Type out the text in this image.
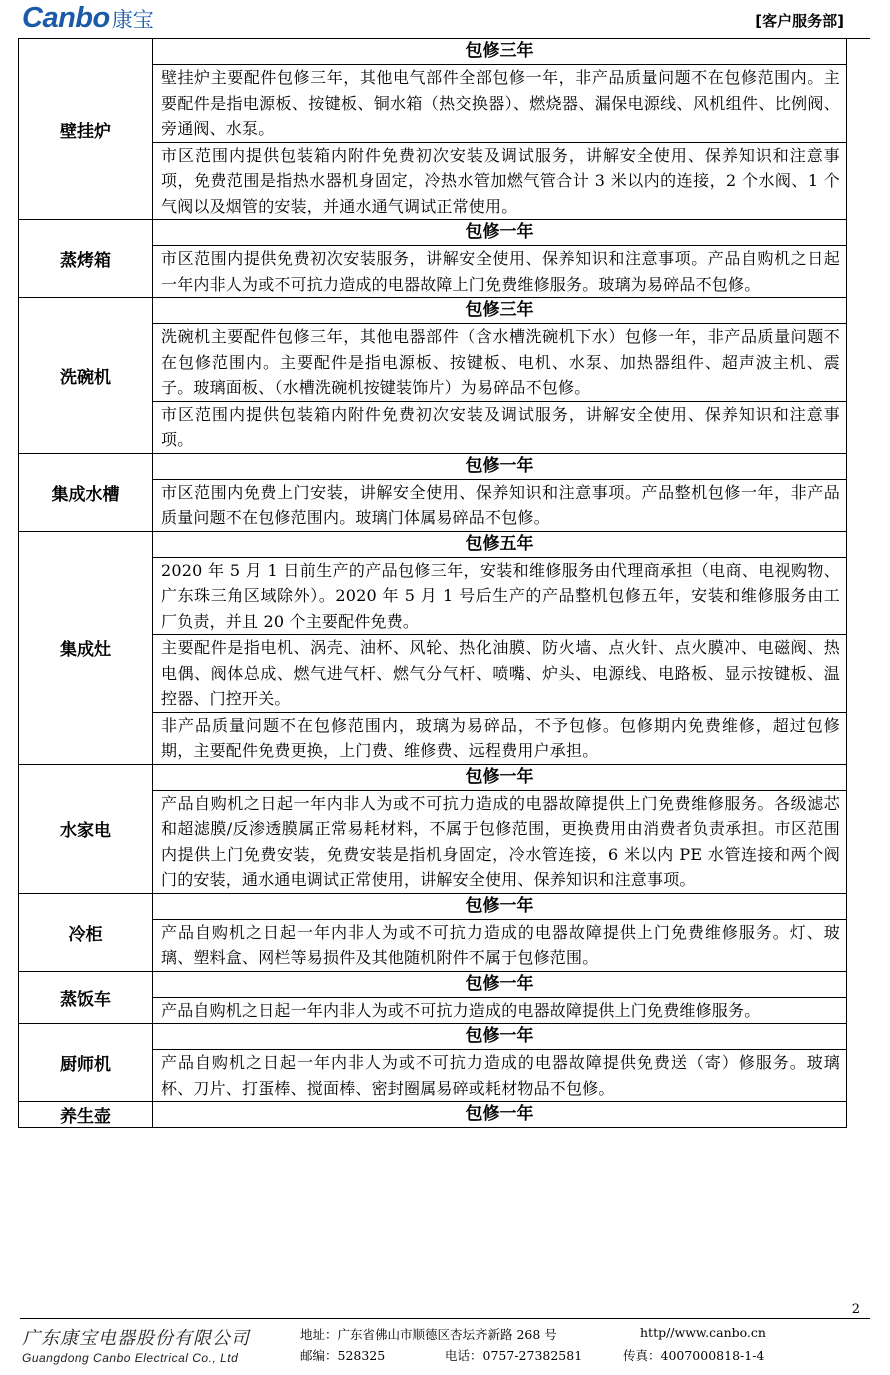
Canbo康宝	[客户服务部]
壁挂炉	包修三年
	壁挂炉主要配件包修三年，其他电气部件全部包修一年，非产品质量问题不在包修范围内。主要配件是指电源板、按键板、铜水箱（热交换器）、燃烧器、漏保电源线、风机组件、比例阀、旁通阀、水泵。
	市区范围内提供包装箱内附件免费初次安装及调试服务，讲解安全使用、保养知识和注意事项，免费范围是指热水器机身固定，冷热水管加燃气管合计 3 米以内的连接，2 个水阀、1 个气阀以及烟管的安装，并通水通气调试正常使用。
蒸烤箱	包修一年
	市区范围内提供免费初次安装服务，讲解安全使用、保养知识和注意事项。产品自购机之日起一年内非人为或不可抗力造成的电器故障上门免费维修服务。玻璃为易碎品不包修。
洗碗机	包修三年
	洗碗机主要配件包修三年，其他电器部件（含水槽洗碗机下水）包修一年，非产品质量问题不在包修范围内。主要配件是指电源板、按键板、电机、水泵、加热器组件、超声波主机、震子。玻璃面板、（水槽洗碗机按键装饰片）为易碎品不包修。
	市区范围内提供包装箱内附件免费初次安装及调试服务，讲解安全使用、保养知识和注意事项。
集成水槽	包修一年
	市区范围内免费上门安装，讲解安全使用、保养知识和注意事项。产品整机包修一年，非产品质量问题不在包修范围内。玻璃门体属易碎品不包修。
集成灶	包修五年
	2020 年 5 月 1 日前生产的产品包修三年，安装和维修服务由代理商承担（电商、电视购物、广东珠三角区域除外）。2020 年 5 月 1 号后生产的产品整机包修五年，安装和维修服务由工厂负责，并且 20 个主要配件免费。
	主要配件是指电机、涡壳、油杯、风轮、热化油膜、防火墙、点火针、点火膜冲、电磁阀、热电偶、阀体总成、燃气进气杆、燃气分气杆、喷嘴、炉头、电源线、电路板、显示按键板、温控器、门控开关。
	非产品质量问题不在包修范围内，玻璃为易碎品，不予包修。包修期内免费维修，超过包修期，主要配件免费更换，上门费、维修费、远程费用户承担。
水家电	包修一年
	产品自购机之日起一年内非人为或不可抗力造成的电器故障提供上门免费维修服务。各级滤芯和超滤膜/反渗透膜属正常易耗材料，不属于包修范围，更换费用由消费者负责承担。市区范围内提供上门免费安装，免费安装是指机身固定，冷水管连接，6 米以内 PE 水管连接和两个阀门的安装，通水通电调试正常使用，讲解安全使用、保养知识和注意事项。
冷柜	包修一年
	产品自购机之日起一年内非人为或不可抗力造成的电器故障提供上门免费维修服务。灯、玻璃、塑料盒、网栏等易损件及其他随机附件不属于包修范围。
蒸饭车	包修一年
	产品自购机之日起一年内非人为或不可抗力造成的电器故障提供上门免费维修服务。
厨师机	包修一年
	产品自购机之日起一年内非人为或不可抗力造成的电器故障提供免费送（寄）修服务。玻璃杯、刀片、打蛋棒、搅面棒、密封圈属易碎或耗材物品不包修。
养生壶	包修一年
2
广东康宝电器股份有限公司
Guangdong Canbo Electrical Co., Ltd
地址：广东省佛山市顺德区杏坛齐新路 268 号	http//www.canbo.cn
邮编：528325	电话：0757-27382581	传真：4007000818-1-4
